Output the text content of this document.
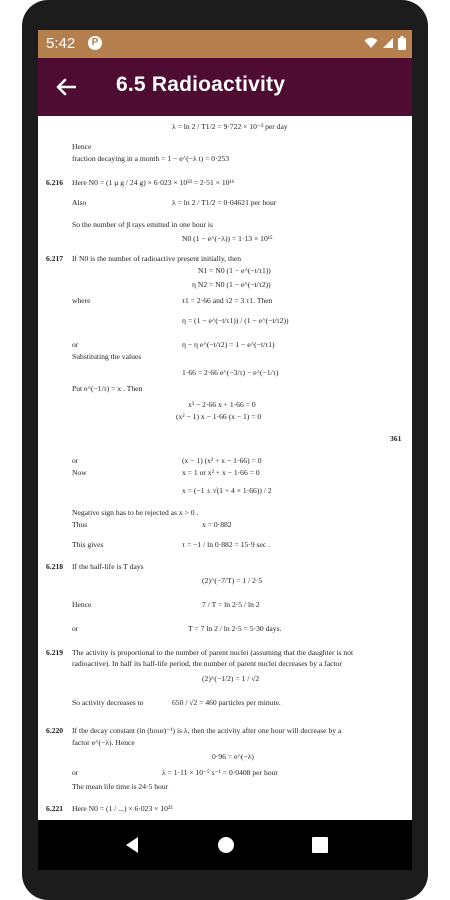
5:42	P
6.5 Radioactivity
λ = ln 2 / T1/2 = 9·722 × 10⁻³ per day
Hence
fraction decaying in a month = 1 − e^(−λ t) = 0·253
6.216 Here N0 = (1 μ g / 24 g) × 6·023 × 10²³ = 2·51 × 10¹⁶
Also	λ = ln 2 / T1/2 = 0·04621 per hour
So the number of β rays emitted in one hour is
N0 (1 − e^(−λ)) = 1·13 × 10¹⁵
6.217 If N0 is the number of radioactive present initially, then
N1 = N0 (1 − e^(−t/τ1))
η N2 = N0 (1 − e^(−t/τ2))
where	τ1 = 2·66 and τ2 = 3 τ1. Then
η = (1 − e^(−t/τ1)) / (1 − e^(−t/τ2))
or	η − η e^(−t/τ2) = 1 − e^(−t/τ1)
Substituting the values
1·66 = 2·66 e^(−3/τ) − e^(−1/τ)
Put e^(−1/τ) = x . Then
x³ − 2·66 x + 1·66 = 0
(x² − 1) x − 1·66 (x − 1) = 0
361
or	(x − 1) (x² + x − 1·66) = 0
Now	x = 1 or x² + x − 1·66 = 0
x = (−1 ± √(1 + 4 × 1·66)) / 2
Negative sign has to be rejected as x > 0 .
Thus	x = 0·882
This gives	τ = −1 / ln 0·882 = 15·9 sec .
6.218 If the half-life is T days
(2)^(−7/T) = 1 / 2·5
Hence	7 / T = ln 2·5 / ln 2
or	T = 7 ln 2 / ln 2·5 = 5·30 days.
6.219 The activity is proportional to the number of parent nuclei (assuming that the daughter is not
radioactive). In half its half-life period, the number of parent nuclei decreases by a factor
(2)^(−1/2) = 1 / √2
So activity decreases to	650 / √2 = 460 particles per minute.
6.220 If the decay constant (in (hour)⁻¹) is λ, then the activity after one hour will decrease by a
factor e^(−λ). Hence
0·96 = e^(−λ)
or	λ = 1·11 × 10⁻⁵ s⁻¹ = 0·0408 per hour
The mean life time is 24·5 hour
6.221 Here N0 = (1 / ...) × 6·023 × 10²³
